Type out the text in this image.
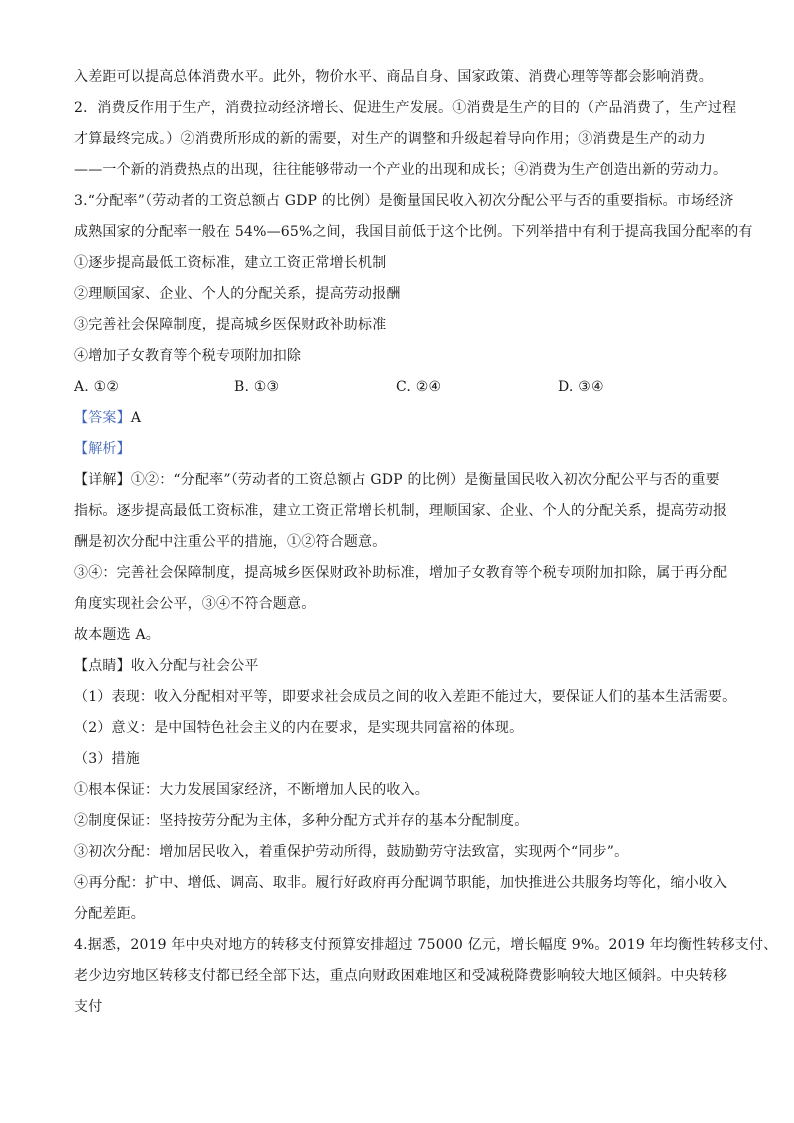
入差距可以提高总体消费水平。此外，物价水平、商品自身、国家政策、消费心理等等都会影响消费。
2．消费反作用于生产，消费拉动经济增长、促进生产发展。①消费是生产的目的（产品消费了，生产过程
才算最终完成。）②消费所形成的新的需要，对生产的调整和升级起着导向作用；③消费是生产的动力
——一个新的消费热点的出现，往往能够带动一个产业的出现和成长；④消费为生产创造出新的劳动力。
3.“分配率”（劳动者的工资总额占 GDP 的比例）是衡量国民收入初次分配公平与否的重要指标。市场经济
成熟国家的分配率一般在 54%—65%之间，我国目前低于这个比例。下列举措中有利于提高我国分配率的有
①逐步提高最低工资标准，建立工资正常增长机制
②理顺国家、企业、个人的分配关系，提高劳动报酬
③完善社会保障制度，提高城乡医保财政补助标准
④增加子女教育等个税专项附加扣除
A. ①②	B. ①③	C. ②④	D. ③④
【答案】A
【解析】
【详解】①②：“分配率”（劳动者的工资总额占 GDP 的比例）是衡量国民收入初次分配公平与否的重要
指标。逐步提高最低工资标准，建立工资正常增长机制，理顺国家、企业、个人的分配关系，提高劳动报
酬是初次分配中注重公平的措施，①②符合题意。
③④：完善社会保障制度，提高城乡医保财政补助标准，增加子女教育等个税专项附加扣除，属于再分配
角度实现社会公平，③④不符合题意。
故本题选 A。
【点睛】收入分配与社会公平
（1）表现：收入分配相对平等，即要求社会成员之间的收入差距不能过大，要保证人们的基本生活需要。
（2）意义：是中国特色社会主义的内在要求，是实现共同富裕的体现。
（3）措施
①根本保证：大力发展国家经济，不断增加人民的收入。
②制度保证：坚持按劳分配为主体，多种分配方式并存的基本分配制度。
③初次分配：增加居民收入，着重保护劳动所得，鼓励勤劳守法致富，实现两个“同步”。
④再分配：扩中、增低、调高、取非。履行好政府再分配调节职能，加快推进公共服务均等化，缩小收入
分配差距。
4.据悉，2019 年中央对地方的转移支付预算安排超过 75000 亿元，增长幅度 9%。2019 年均衡性转移支付、
老少边穷地区转移支付都已经全部下达，重点向财政困难地区和受减税降费影响较大地区倾斜。中央转移
支付
